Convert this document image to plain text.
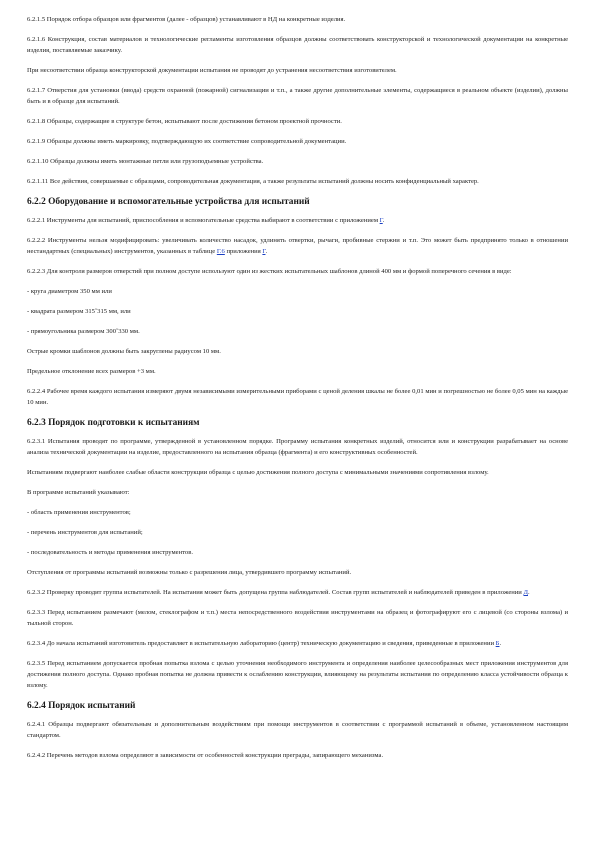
6.2.1.5 Порядок отбора образцов или фрагментов (далее - образцов) устанавливают в НД на конкретные изделия.

6.2.1.6 Конструкция, состав материалов и технологические регламенты изготовления образцов должны соответствовать конструкторской и технологической документации на конкретные изделия, поставляемые заказчику.

При несоответствии образца конструкторской документации испытания не проводят до устранения несоответствия изготовителем.

6.2.1.7 Отверстия для установки (ввода) средств охранной (пожарной) сигнализации и т.п., а также другие дополнительные элементы, содержащиеся в реальном объекте (изделии), должны быть и в образце для испытаний.

6.2.1.8 Образцы, содержащие в структуре бетон, испытывают после достижения бетоном проектной прочности.

6.2.1.9 Образцы должны иметь маркировку, подтверждающую их соответствие сопроводительной документации.

6.2.1.10 Образцы должны иметь монтажные петли или грузоподъемные устройства.

6.2.1.11 Все действия, совершаемые с образцами, сопроводительная документация, а также результаты испытаний должны носить конфиденциальный характер.

6.2.2 Оборудование и вспомогательные устройства для испытаний

6.2.2.1 Инструменты для испытаний, приспособления и вспомогательные средства выбирают в соответствии с приложением Г.

6.2.2.2 Инструменты нельзя модифицировать: увеличивать количество насадок, удлинять отвертки, рычаги, пробивные стержни и т.п. Это может быть предпринято только в отношении нестандартных (специальных) инструментов, указанных в таблице Г.6 приложения Г.

6.2.2.3 Для контроля размеров отверстий при полном доступе используют один из жестких испытательных шаблонов длиной 400 мм и формой поперечного сечения в виде:

- круга диаметром 350 мм или

- квадрата размером 315ˇ315 мм, или

- прямоугольника размером 300ˇ330 мм.

Острые кромки шаблонов должны быть закруглены радиусом 10 мм.

Предельное отклонение всех размеров +3 мм.

6.2.2.4 Рабочее время каждого испытания измеряют двумя независимыми измерительными приборами с ценой деления шкалы не более 0,01 мин и погрешностью не более 0,05 мин на каждые 10 мин.

6.2.3 Порядок подготовки к испытаниям

6.2.3.1 Испытания проводят по программе, утвержденной в установленном порядке. Программу испытания конкретных изделий, относится или и конструкции разрабатывает на основе анализа технической документации на изделие, предоставленного на испытания образца (фрагмента) и его конструктивных особенностей.

Испытаниям подвергают наиболее слабые области конструкции образца с целью достижения полного доступа с минимальными значениями сопротивления взлому.

В программе испытаний указывают:

- область применения инструментов;

- перечень инструментов для испытаний;

- последовательность и методы применения инструментов.

Отступления от программы испытаний возможны только с разрешения лица, утвердившего программу испытаний.

6.2.3.2 Проверку проводит группа испытателей. На испытания может быть допущена группа наблюдателей. Состав групп испытателей и наблюдателей приведен в приложении Д.

6.2.3.3 Перед испытанием размечают (мелом, стеклографом и т.п.) места непосредственного воздействия инструментами на образец и фотографируют его с лицевой (со стороны взлома) и тыльной сторон.

6.2.3.4 До начала испытаний изготовитель предоставляет в испытательную лабораторию (центр) техническую документацию и сведения, приведенные в приложении Б.

6.2.3.5 Перед испытанием допускается пробная попытка взлома с целью уточнения необходимого инструмента и определения наиболее целесообразных мест приложения инструментов для достижения полного доступа. Однако пробная попытка не должна привести к ослаблению конструкции, влияющему на результаты испытания по определению класса устойчивости образца к взлому.

6.2.4 Порядок испытаний

6.2.4.1 Образцы подвергают обязательным и дополнительным воздействиям при помощи инструментов в соответствии с программой испытаний в объеме, установленном настоящим стандартом.

6.2.4.2 Перечень методов взлома определяют в зависимости от особенностей конструкции преграды, запирающего механизма.
